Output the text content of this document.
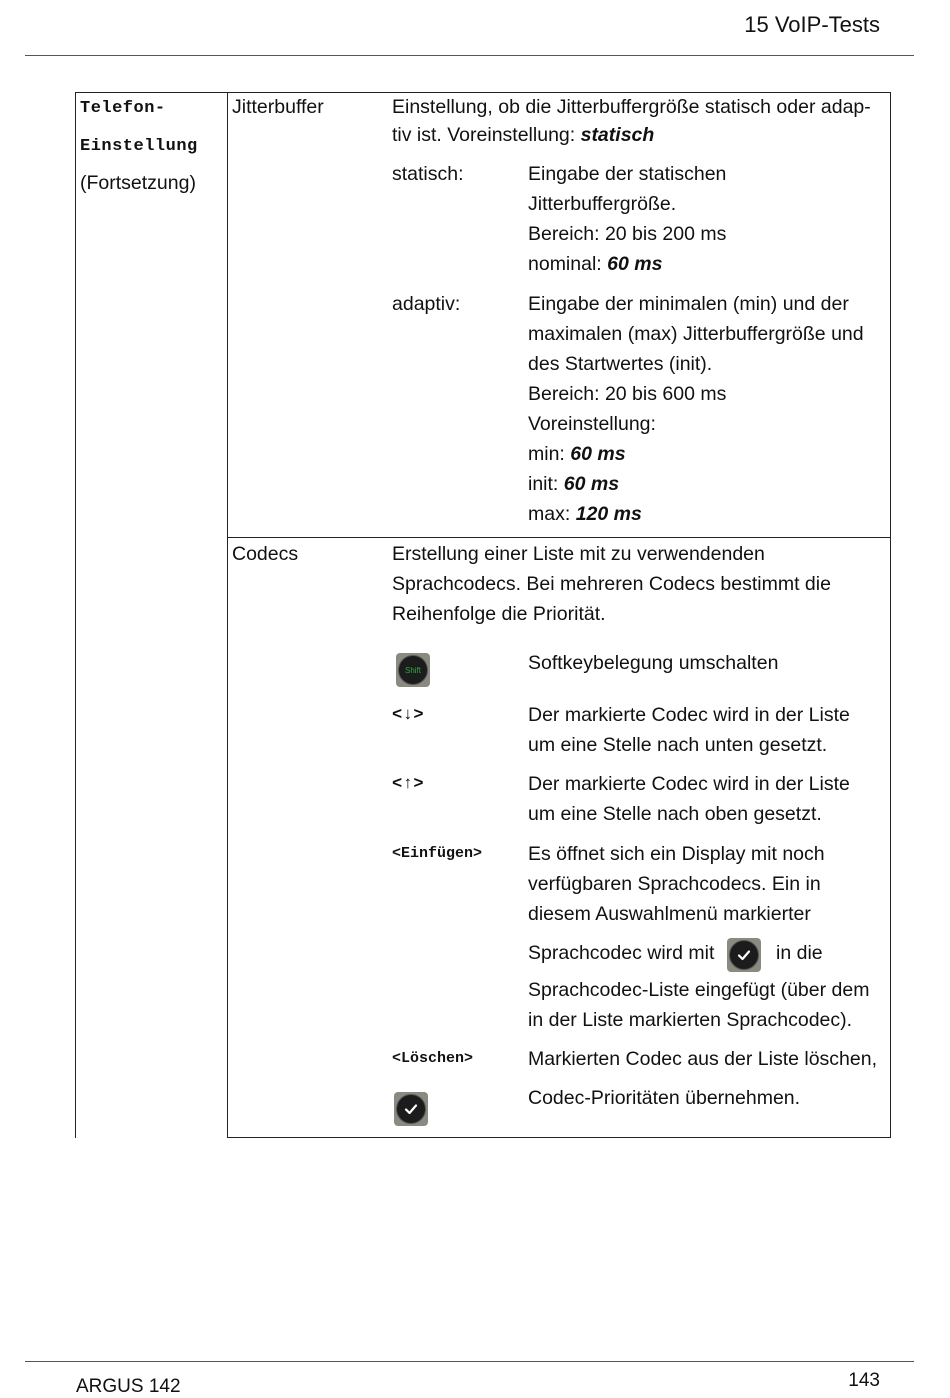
15 VoIP-Tests
Telefon-
Einstellung
(Fortsetzung)
Jitterbuffer	Einstellung, ob die Jitterbuffergröße statisch oder adap-
tiv ist. Voreinstellung: statisch
statisch:	Eingabe der statischen
Jitterbuffergröße.
Bereich: 20 bis 200 ms
nominal: 60 ms
adaptiv:	Eingabe der minimalen (min) und der
maximalen (max) Jitterbuffergröße und
des Startwertes (init).
Bereich: 20 bis 600 ms
Voreinstellung:
min: 60 ms
init: 60 ms
max: 120 ms
Codecs	Erstellung einer Liste mit zu verwendenden
Sprachcodecs. Bei mehreren Codecs bestimmt die
Reihenfolge die Priorität.
Shift	Softkeybelegung umschalten
<↓>	Der markierte Codec wird in der Liste
um eine Stelle nach unten gesetzt.
<↑>	Der markierte Codec wird in der Liste
um eine Stelle nach oben gesetzt.
<Einfügen> Es öffnet sich ein Display mit noch
verfügbaren Sprachcodecs. Ein in
diesem Auswahlmenü markierter
Sprachcodec wird mit	in die
Sprachcodec-Liste eingefügt (über dem
in der Liste markierten Sprachcodec).
<Löschen>	Markierten Codec aus der Liste löschen,
Codec-Prioritäten übernehmen.
ARGUS 142	143
